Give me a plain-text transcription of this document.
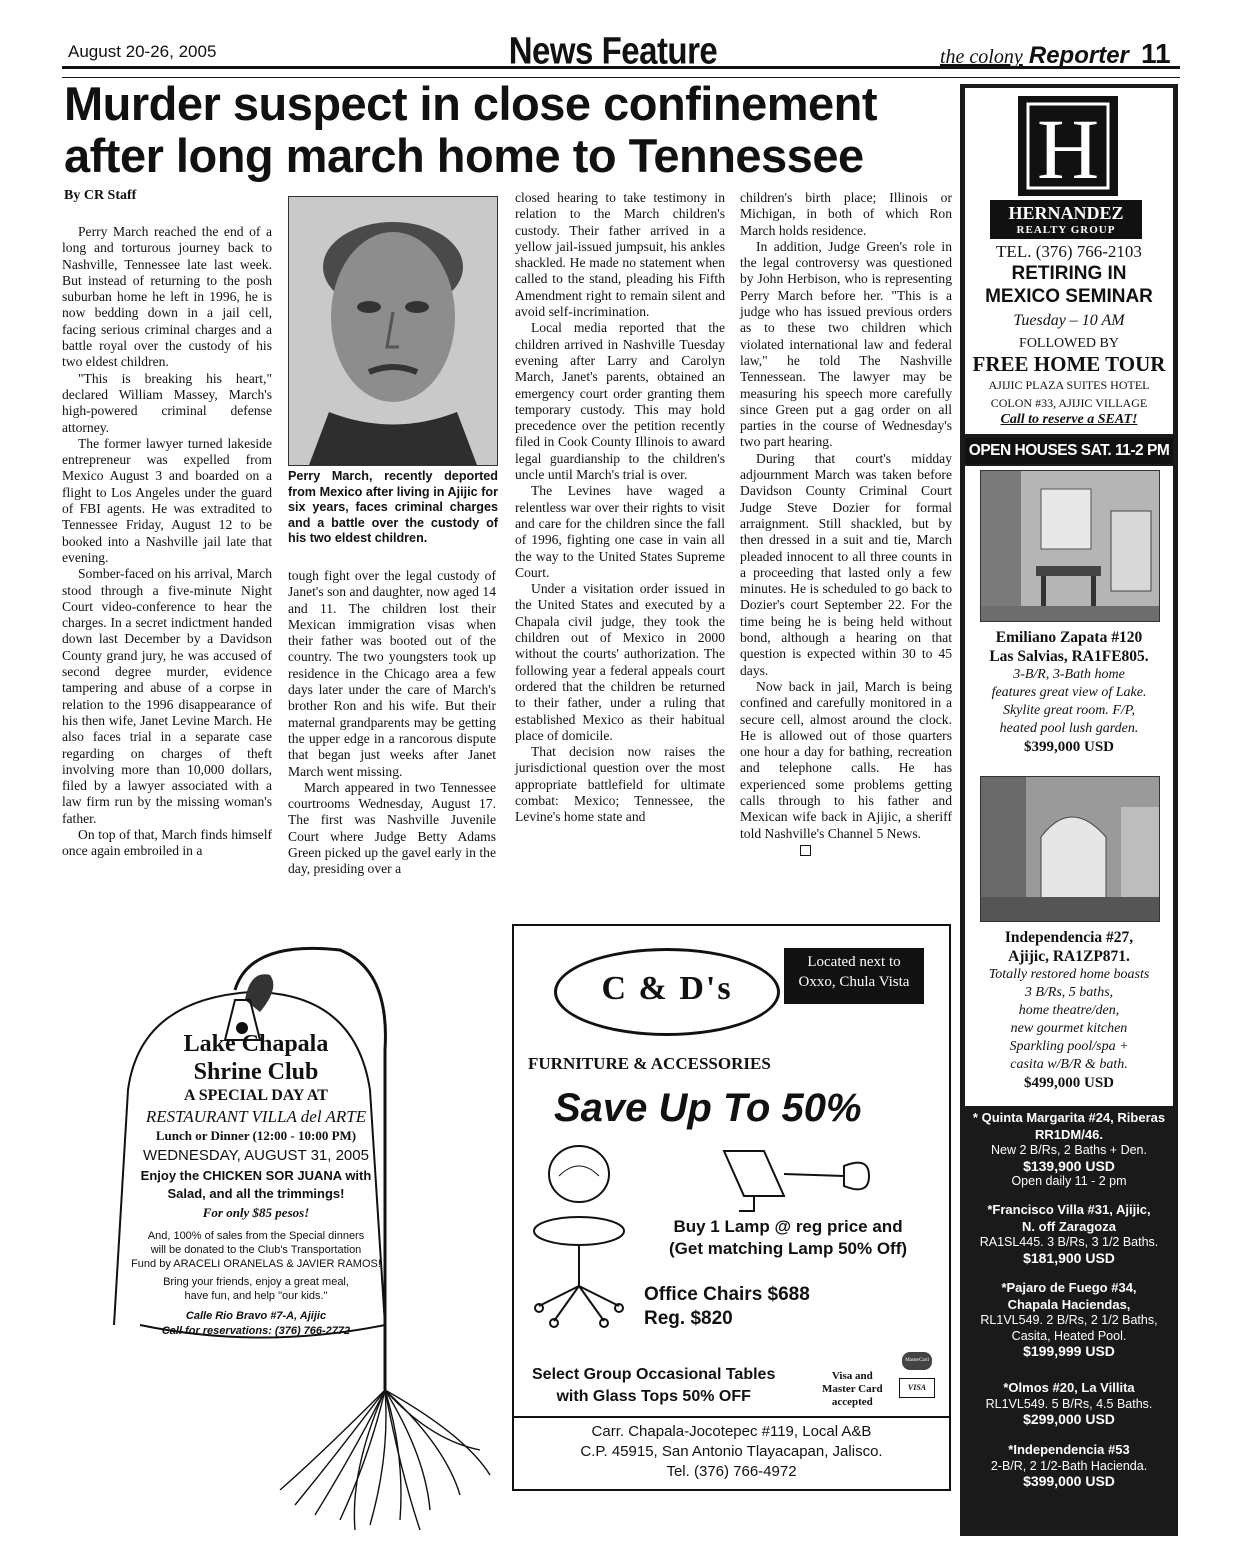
August 20-26, 2005	News Feature	the colony Reporter 11
Murder suspect in close confinement
after long march home to Tennessee
By CR Staff

Perry March reached the end of a long and torturous journey back to Nashville, Tennessee late last week. But instead of returning to the posh suburban home he left in 1996, he is now bedding down in a jail cell, facing serious criminal charges and a battle royal over the custody of his two eldest children.

"This is breaking his heart," declared William Massey, March's high-powered criminal defense attorney.

The former lawyer turned lakeside entrepreneur was expelled from Mexico August 3 and boarded on a flight to Los Angeles under the guard of FBI agents. He was extradited to Tennessee Friday, August 12 to be booked into a Nashville jail late that evening.

Somber-faced on his arrival, March stood through a five-minute Night Court video-conference to hear the charges. In a secret indictment handed down last December by a Davidson County grand jury, he was accused of second degree murder, evidence tampering and abuse of a corpse in relation to the 1996 disappearance of his then wife, Janet Levine March. He also faces trial in a separate case regarding on charges of theft involving more than 10,000 dollars, filed by a lawyer associated with a law firm run by the missing woman's father.

On top of that, March finds himself once again embroiled in a

Perry March, recently deported from Mexico after living in Ajijic for six years, faces criminal charges and a battle over the custody of his two eldest children.

tough fight over the legal custody of Janet's son and daughter, now aged 14 and 11. The children lost their Mexican immigration visas when their father was booted out of the country. The two youngsters took up residence in the Chicago area a few days later under the care of March's brother Ron and his wife. But their maternal grandparents may be getting the upper edge in a rancorous dispute that began just weeks after Janet March went missing.

March appeared in two Tennessee courtrooms Wednesday, August 17. The first was Nashville Juvenile Court where Judge Betty Adams Green picked up the gavel early in the day, presiding over a

closed hearing to take testimony in relation to the March children's custody. Their father arrived in a yellow jail-issued jumpsuit, his ankles shackled. He made no statement when called to the stand, pleading his Fifth Amendment right to remain silent and avoid self-incrimination.

Local media reported that the children arrived in Nashville Tuesday evening after Larry and Carolyn March, Janet's parents, obtained an emergency court order granting them temporary custody. This may hold precedence over the petition recently filed in Cook County Illinois to award legal guardianship to the children's uncle until March's trial is over.

The Levines have waged a relentless war over their rights to visit and care for the children since the fall of 1996, fighting one case in vain all the way to the United States Supreme Court.

Under a visitation order issued in the United States and executed by a Chapala civil judge, they took the children out of Mexico in 2000 without the courts' authorization. The following year a federal appeals court ordered that the children be returned to their father, under a ruling that established Mexico as their habitual place of domicile.

That decision now raises the jurisdictional question over the most appropriate battlefield for ultimate combat: Mexico; Tennessee, the Levine's home state and

children's birth place; Illinois or Michigan, in both of which Ron March holds residence.

In addition, Judge Green's role in the legal controversy was questioned by John Herbison, who is representing Perry March before her. "This is a judge who has issued previous orders as to these two children which violated international law and federal law," he told The Nashville Tennessean. The lawyer may be measuring his speech more carefully since Green put a gag order on all parties in the course of Wednesday's two part hearing.

During that court's midday adjournment March was taken before Davidson County Criminal Court Judge Steve Dozier for formal arraignment. Still shackled, but by then dressed in a suit and tie, March pleaded innocent to all three counts in a proceeding that lasted only a few minutes. He is scheduled to go back to Dozier's court September 22. For the time being he is being held without bond, although a hearing on that question is expected within 30 to 45 days.

Now back in jail, March is being confined and carefully monitored in a secure cell, almost around the clock. He is allowed out of those quarters one hour a day for bathing, recreation and telephone calls. He has experienced some problems getting calls through to his father and Mexican wife back in Ajijic, a sheriff told Nashville's Channel 5 News.

Lake Chapala
Shrine Club
A SPECIAL DAY AT
RESTAURANT VILLA del ARTE
Lunch or Dinner (12:00 - 10:00 PM)
WEDNESDAY, AUGUST 31, 2005
Enjoy the CHICKEN SOR JUANA with
Salad, and all the trimmings!
For only $85 pesos!
And, 100% of sales from the Special dinners
will be donated to the Club's Transportation
Fund by ARACELI ORANELAS & JAVIER RAMOS!
Bring your friends, enjoy a great meal,
have fun, and help "our kids."
Calle Rio Bravo #7-A, Ajijic
Call for reservations: (376) 766-2772
C & D's
Located next to
Oxxo, Chula Vista
FURNITURE & ACCESSORIES
Save Up To 50%
Buy 1 Lamp @ reg price and
(Get matching Lamp 50% Off)
Office Chairs $688
Reg. $820
Select Group Occasional Tables
with Glass Tops 50% OFF
Visa and
Master Card
accepted
MasterCard
VISA
Carr. Chapala-Jocotepec #119, Local A&B
C.P. 45915, San Antonio Tlayacapan, Jalisco.
Tel. (376) 766-4972
H
HERNANDEZ
REALTY GROUP
TEL. (376) 766-2103
RETIRING IN
MEXICO SEMINAR
Tuesday – 10 AM
FOLLOWED BY
FREE HOME TOUR
AJIJIC PLAZA SUITES HOTEL
COLON #33, AJIJIC VILLAGE
Call to reserve a SEAT!
OPEN HOUSES SAT. 11-2 PM
Emiliano Zapata #120
Las Salvias, RA1FE805.
3-B/R, 3-Bath home
features great view of Lake.
Skylite great room. F/P,
heated pool lush garden.
$399,000 USD
Independencia #27,
Ajijic, RA1ZP871.
Totally restored home boasts
3 B/Rs, 5 baths,
home theatre/den,
new gourmet kitchen
Sparkling pool/spa +
casita w/B/R & bath.
$499,000 USD
* Quinta Margarita #24, Riberas
RR1DM/46.
New 2 B/Rs, 2 Baths + Den.
$139,900 USD
Open daily 11 - 2 pm
*Francisco Villa #31, Ajijic,
N. off Zaragoza
RA1SL445. 3 B/Rs, 3 1/2 Baths.
$181,900 USD
*Pajaro de Fuego #34,
Chapala Haciendas,
RL1VL549. 2 B/Rs, 2 1/2 Baths, Casita, Heated Pool.
$199,999 USD
*Olmos #20, La Villita
RL1VL549. 5 B/Rs, 4.5 Baths.
$299,000 USD
*Independencia #53
2-B/R, 2 1/2-Bath Hacienda.
$399,000 USD
